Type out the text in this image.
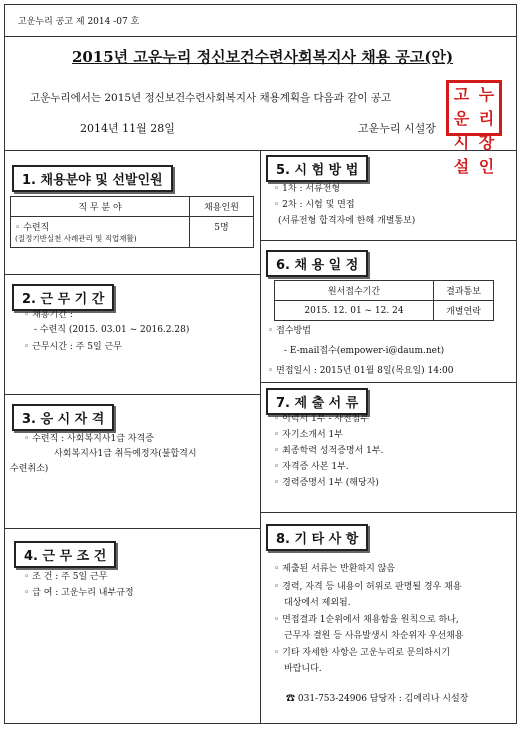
고운누리 공고 제 2014 -07 호
2015년 고운누리 정신보건수련사회복지사 채용 공고(안)
고운누리에서는 2015년 정신보건수련사회복지사 채용계획을 다음과 같이 공고
2014년 11월 28일	고운누리 시설장
고운
누리
시설
장인
1. 채용분야 및 선발인원
직 무 분 야	채용인원

◦ 수련직
(질정기반실천 사례관리 및 직업재활)	5명
2. 근 무 기 간
◦ 채용기간 :
- 수련직 (2015. 03.01 ~ 2016.2.28)
◦ 근무시간 : 주 5일 근무
3. 응 시 자 격
◦ 수련직 : 사회복지사1급 자격증
사회복지사1급 취득예정자(불합격시
수련취소)
4. 근 무 조 건
◦ 조 건 : 주 5일 근무
◦ 급 여 : 고운누리 내부규정
5. 시 험 방 법
◦ 1차 : 서류전형
◦ 2차 : 시험 및 면접
(서류전형 합격자에 한해 개별통보)
6. 채 용 일 정
원서접수기간	결과통보
2015. 12. 01 ~ 12. 24	개별연락
◦ 접수방법
- E-mail접수(empower-i@daum.net)
◦ 면접일시 : 2015년 01월 8일(목요일) 14:00
7. 제 출 서 류
◦ 이력서 1부 - 사진첨부
◦ 자기소개서 1부
◦ 최종학력 성적증명서 1부.
◦ 자격증 사본 1부.
◦ 경력증명서 1부 (해당자)
8. 기 타 사 항
◦ 제출된 서류는 반환하지 않음
◦ 경력, 자격 등 내용이 허위로 판명될 경우 채용
대상에서 제외됨.
◦ 면접결과 1순위에서 채용함을 원칙으로 하나,
근무자 결원 등 사유발생시 차순위자 우선채용
◦ 기타 자세한 사항은 고운누리로 문의하시기
바랍니다.
☎ 031-753-24906 담당자 : 김에리나 시설장
